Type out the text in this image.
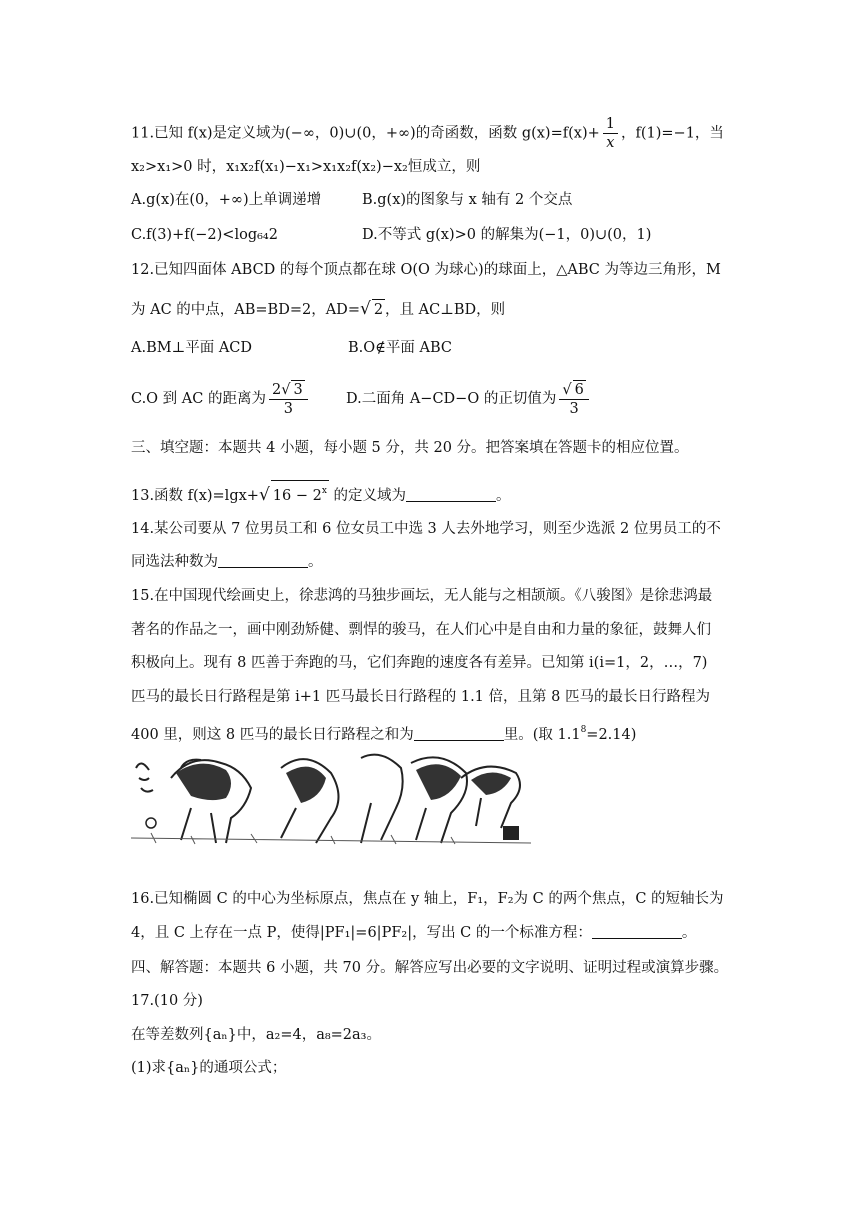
11.已知 f(x)是定义域为(−∞，0)∪(0，+∞)的奇函数，函数 $g(x)=f(x)+ \frac{1}{x}$ ，f(1)=−1，当
x₂>x₁>0 时，x₁x₂f(x₁)−x₁>x₁x₂f(x₂)−x₂恒成立，则
A.g(x)在(0，+∞)上单调递增	B.g(x)的图象与 x 轴有 2 个交点
C.f(3)+f(−2)<log₆₄2	D.不等式 g(x)>0 的解集为(−1，0)∪(0，1)
12.已知四面体 ABCD 的每个顶点都在球 O(O 为球心)的球面上，△ABC 为等边三角形，M
为 AC 的中点，AB=BD=2，AD=√ 2 ，且 AC⊥BD，则
A.BM⊥平面 ACD	B.O∉平面 ABC
C.O 到 AC 的距离为 $\frac{2√ 3}{3}$	D.二面角 A−CD−O 的正切值为 $\frac{√ 6}{3}$
三、填空题：本题共 4 小题，每小题 5 分，共 20 分。把答案填在答题卡的相应位置。
13.函数 f(x)=lgx+√ $16 - 2^x$ 的定义域为	。
14.某公司要从 7 位男员工和 6 位女员工中选 3 人去外地学习，则至少选派 2 位男员工的不
同选法种数为	。
15.在中国现代绘画史上，徐悲鸿的马独步画坛，无人能与之相颉颃。《八骏图》是徐悲鸿最
著名的作品之一，画中刚劲矫健、剽悍的骏马，在人们心中是自由和力量的象征，鼓舞人们
积极向上。现有 8 匹善于奔跑的马，它们奔跑的速度各有差异。已知第 i(i=1，2，…，7)
匹马的最长日行路程是第 i+1 匹马最长日行路程的 1.1 倍，且第 8 匹马的最长日行路程为
400 里，则这 8 匹马的最长日行路程之和为	里。(取 $1.1^8=2.14$)
16.已知椭圆 C 的中心为坐标原点，焦点在 y 轴上，F₁，F₂为 C 的两个焦点，C 的短轴长为
4，且 C 上存在一点 P，使得|PF₁|=6|PF₂|，写出 C 的一个标准方程：	。
四、解答题：本题共 6 小题，共 70 分。解答应写出必要的文字说明、证明过程或演算步骤。
17.(10 分)
在等差数列{aₙ}中，a₂=4，a₈=2a₃。
(1)求{aₙ}的通项公式；
